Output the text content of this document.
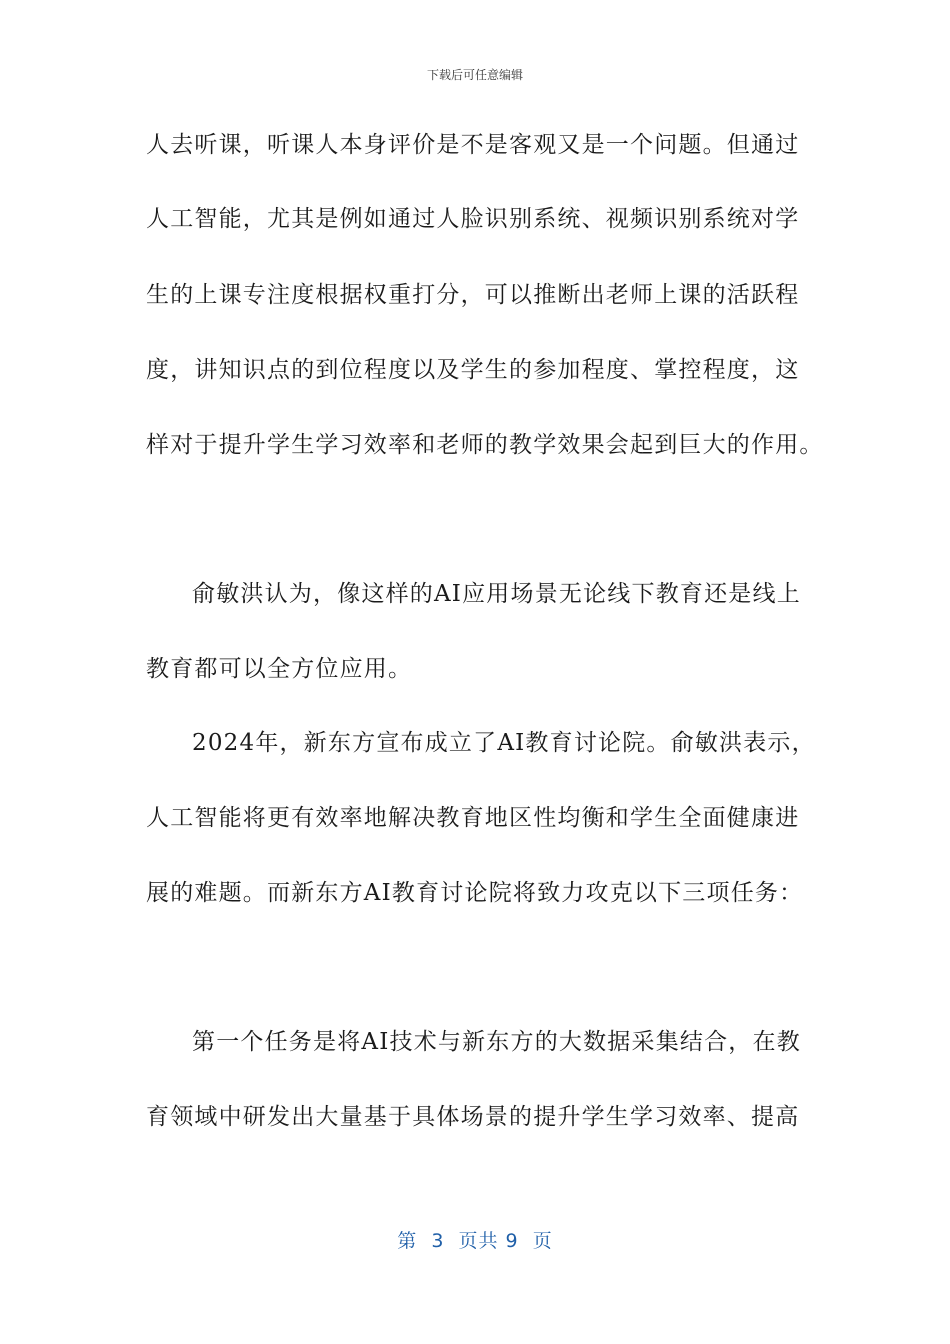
下载后可任意编辑
人去听课，听课人本身评价是不是客观又是一个问题。但通过
人工智能，尤其是例如通过人脸识别系统、视频识别系统对学
生的上课专注度根据权重打分，可以推断出老师上课的活跃程
度，讲知识点的到位程度以及学生的参加程度、掌控程度，这
样对于提升学生学习效率和老师的教学效果会起到巨大的作用。
俞敏洪认为，像这样的AI应用场景无论线下教育还是线上
教育都可以全方位应用。
2024年，新东方宣布成立了AI教育讨论院。俞敏洪表示，
人工智能将更有效率地解决教育地区性均衡和学生全面健康进
展的难题。而新东方AI教育讨论院将致力攻克以下三项任务：
第一个任务是将AI技术与新东方的大数据采集结合，在教
育领域中研发出大量基于具体场景的提升学生学习效率、提高
第  3  页共 9  页
